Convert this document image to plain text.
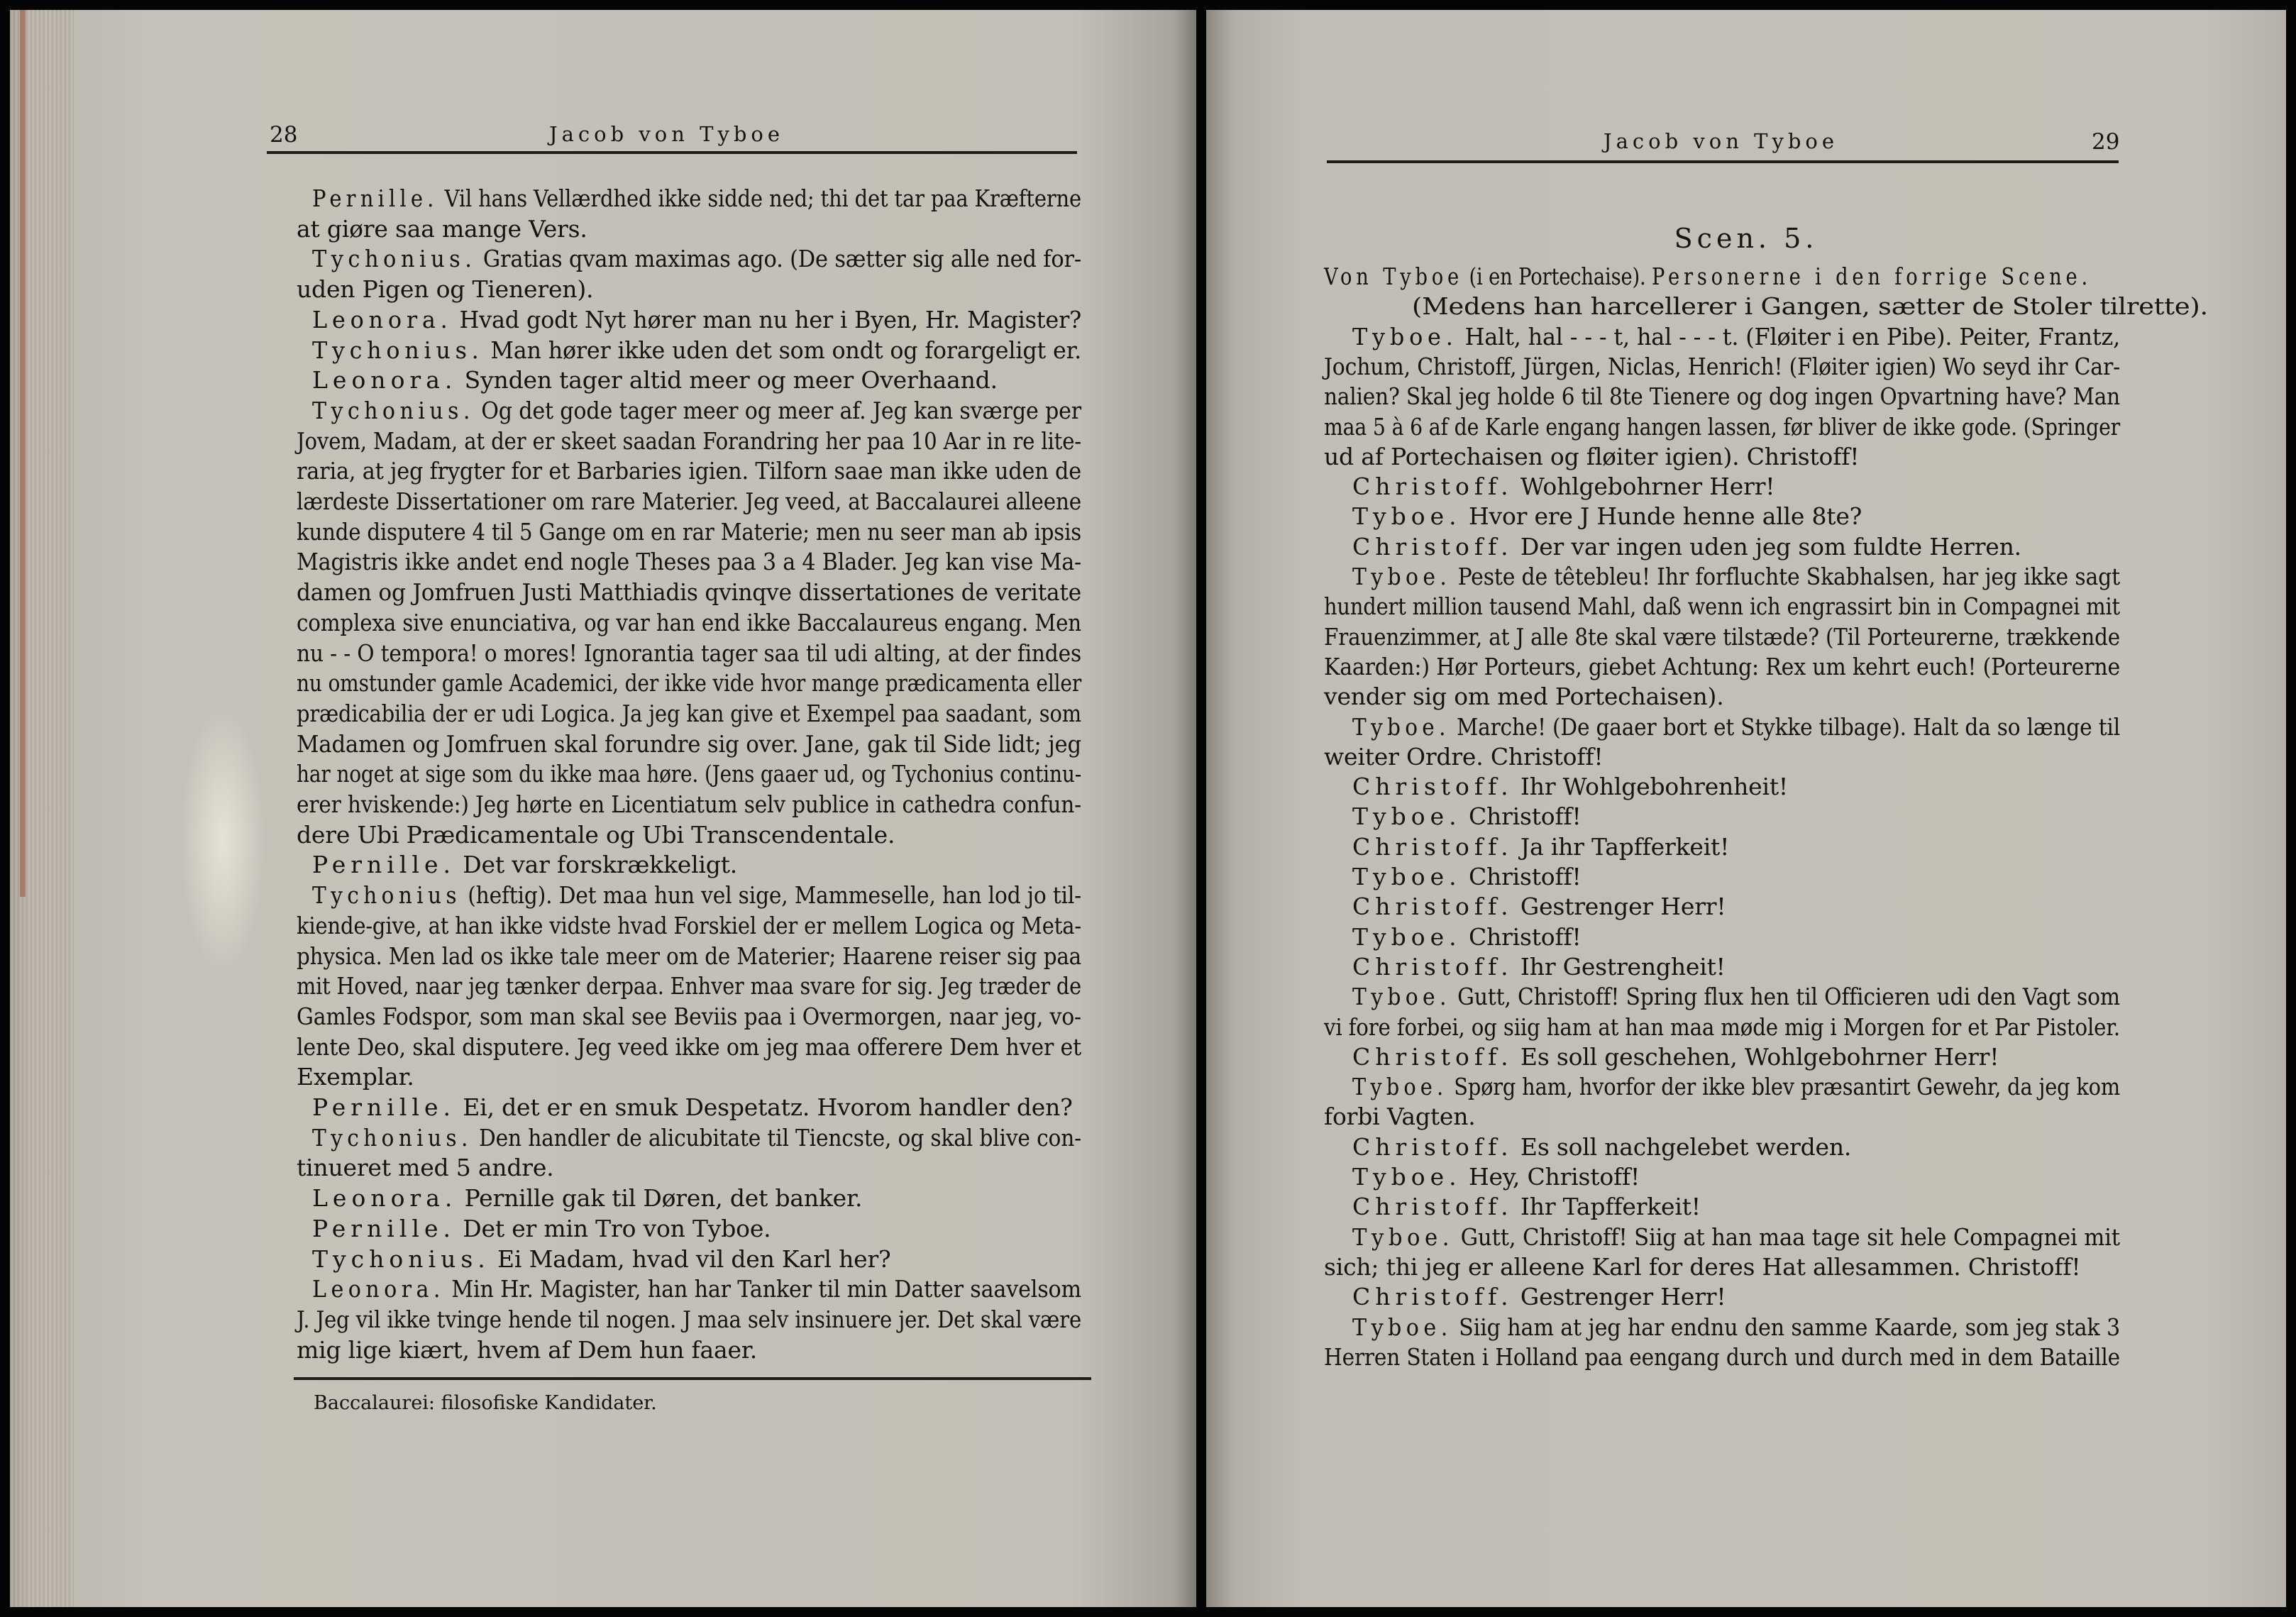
28	Jacob von Tyboe
Pernille. Vil hans Vellærdhed ikke sidde ned; thi det tar paa Kræfterne
at giøre saa mange Vers.
Tychonius. Gratias qvam maximas ago. (De sætter sig alle ned for-
uden Pigen og Tieneren).
Leonora. Hvad godt Nyt hører man nu her i Byen, Hr. Magister?
Tychonius. Man hører ikke uden det som ondt og forargeligt er.
Leonora. Synden tager altid meer og meer Overhaand.
Tychonius. Og det gode tager meer og meer af. Jeg kan sværge per
Jovem, Madam, at der er skeet saadan Forandring her paa 10 Aar in re lite-
raria, at jeg frygter for et Barbaries igien. Tilforn saae man ikke uden de
lærdeste Dissertationer om rare Materier. Jeg veed, at Baccalaurei alleene
kunde disputere 4 til 5 Gange om en rar Materie; men nu seer man ab ipsis
Magistris ikke andet end nogle Theses paa 3 a 4 Blader. Jeg kan vise Ma-
damen og Jomfruen Justi Matthiadis qvinqve dissertationes de veritate
complexa sive enunciativa, og var han end ikke Baccalaureus engang. Men
nu - - O tempora! o mores! Ignorantia tager saa til udi alting, at der findes
nu omstunder gamle Academici, der ikke vide hvor mange prædicamenta eller
prædicabilia der er udi Logica. Ja jeg kan give et Exempel paa saadant, som
Madamen og Jomfruen skal forundre sig over. Jane, gak til Side lidt; jeg
har noget at sige som du ikke maa høre. (Jens gaaer ud, og Tychonius continu-
erer hviskende:) Jeg hørte en Licentiatum selv publice in cathedra confun-
dere Ubi Prædicamentale og Ubi Transcendentale.
Pernille. Det var forskrækkeligt.
Tychonius (heftig). Det maa hun vel sige, Mammeselle, han lod jo til-
kiende-give, at han ikke vidste hvad Forskiel der er mellem Logica og Meta-
physica. Men lad os ikke tale meer om de Materier; Haarene reiser sig paa
mit Hoved, naar jeg tænker derpaa. Enhver maa svare for sig. Jeg træder de
Gamles Fodspor, som man skal see Beviis paa i Overmorgen, naar jeg, vo-
lente Deo, skal disputere. Jeg veed ikke om jeg maa offerere Dem hver et
Exemplar.
Pernille. Ei, det er en smuk Despetatz. Hvorom handler den?
Tychonius. Den handler de alicubitate til Tiencste, og skal blive con-
tinueret med 5 andre.
Leonora. Pernille gak til Døren, det banker.
Pernille. Det er min Tro von Tyboe.
Tychonius. Ei Madam, hvad vil den Karl her?
Leonora. Min Hr. Magister, han har Tanker til min Datter saavelsom
J. Jeg vil ikke tvinge hende til nogen. J maa selv insinuere jer. Det skal være
mig lige kiært, hvem af Dem hun faaer.
Baccalaurei: filosofiske Kandidater.
Jacob von Tyboe	29
Scen. 5.
Von Tyboe (i en Portechaise). Personerne i den forrige Scene.
(Medens han harcellerer i Gangen, sætter de Stoler tilrette).
Tyboe. Halt, hal - - - t, hal - - - t. (Fløiter i en Pibe). Peiter, Frantz,
Jochum, Christoff, Jürgen, Niclas, Henrich! (Fløiter igien) Wo seyd ihr Car-
nalien? Skal jeg holde 6 til 8te Tienere og dog ingen Opvartning have? Man
maa 5 à 6 af de Karle engang hangen lassen, før bliver de ikke gode. (Springer
ud af Portechaisen og fløiter igien). Christoff!
Christoff. Wohlgebohrner Herr!
Tyboe. Hvor ere J Hunde henne alle 8te?
Christoff. Der var ingen uden jeg som fuldte Herren.
Tyboe. Peste de têtebleu! Ihr forfluchte Skabhalsen, har jeg ikke sagt
hundert million tausend Mahl, daß wenn ich engrassirt bin in Compagnei mit
Frauenzimmer, at J alle 8te skal være tilstæde? (Til Porteurerne, trækkende
Kaarden:) Hør Porteurs, giebet Achtung: Rex um kehrt euch! (Porteurerne
vender sig om med Portechaisen).
Tyboe. Marche! (De gaaer bort et Stykke tilbage). Halt da so længe til
weiter Ordre. Christoff!
Christoff. Ihr Wohlgebohrenheit!
Tyboe. Christoff!
Christoff. Ja ihr Tapfferkeit!
Tyboe. Christoff!
Christoff. Gestrenger Herr!
Tyboe. Christoff!
Christoff. Ihr Gestrengheit!
Tyboe. Gutt, Christoff! Spring flux hen til Officieren udi den Vagt som
vi fore forbei, og siig ham at han maa møde mig i Morgen for et Par Pistoler.
Christoff. Es soll geschehen, Wohlgebohrner Herr!
Tyboe. Spørg ham, hvorfor der ikke blev præsantirt Gewehr, da jeg kom
forbi Vagten.
Christoff. Es soll nachgelebet werden.
Tyboe. Hey, Christoff!
Christoff. Ihr Tapfferkeit!
Tyboe. Gutt, Christoff! Siig at han maa tage sit hele Compagnei mit
sich; thi jeg er alleene Karl for deres Hat allesammen. Christoff!
Christoff. Gestrenger Herr!
Tyboe. Siig ham at jeg har endnu den samme Kaarde, som jeg stak 3
Herren Staten i Holland paa eengang durch und durch med in dem Bataille
